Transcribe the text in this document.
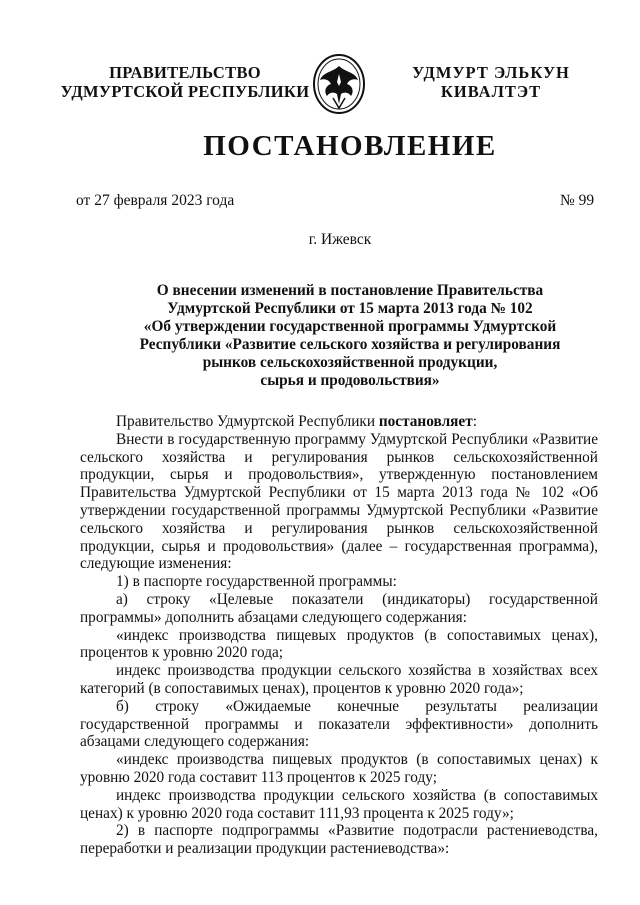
ПРАВИТЕЛЬСТВО
УДМУРТСКОЙ РЕСПУБЛИКИ
УДМУРТ ЭЛЬКУН
КИВАЛТЭТ
ПОСТАНОВЛЕНИЕ
от 27 февраля 2023 года	№ 99
г. Ижевск
О внесении изменений в постановление Правительства
Удмуртской Республики от 15 марта 2013 года № 102
«Об утверждении государственной программы Удмуртской
Республики «Развитие сельского хозяйства и регулирования
рынков сельскохозяйственной продукции,
сырья и продовольствия»

Правительство Удмуртской Республики постановляет:

Внести в государственную программу Удмуртской Республики «Развитие сельского хозяйства и регулирования рынков сельскохозяйственной продукции, сырья и продовольствия», утвержденную постановлением Правительства Удмуртской Республики от 15 марта 2013 года № 102 «Об утверждении государственной программы Удмуртской Республики «Развитие сельского хозяйства и регулирования рынков сельскохозяйственной продукции, сырья и продовольствия» (далее – государственная программа), следующие изменения:

1) в паспорте государственной программы:

а) строку «Целевые показатели (индикаторы) государственной программы» дополнить абзацами следующего содержания:

«индекс производства пищевых продуктов (в сопоставимых ценах), процентов к уровню 2020 года;

индекс производства продукции сельского хозяйства в хозяйствах всех категорий (в сопоставимых ценах), процентов к уровню 2020 года»;

б) строку «Ожидаемые конечные результаты реализации государственной программы и показатели эффективности» дополнить абзацами следующего содержания:

«индекс производства пищевых продуктов (в сопоставимых ценах) к уровню 2020 года составит 113 процентов к 2025 году;

индекс производства продукции сельского хозяйства (в сопоставимых ценах) к уровню 2020 года составит 111,93 процента к 2025 году»;

2) в паспорте подпрограммы «Развитие подотрасли растениеводства, переработки и реализации продукции растениеводства»:
